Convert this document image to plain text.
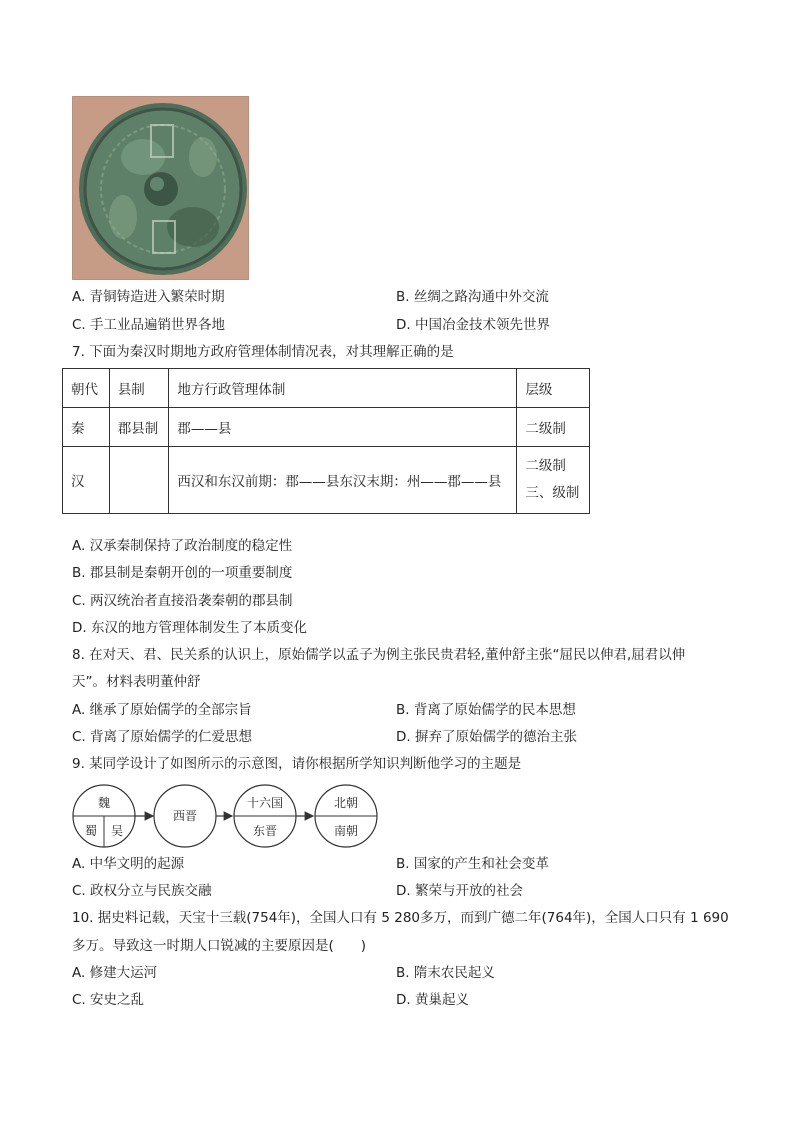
A. 青铜铸造进入繁荣时期	B. 丝绸之路沟通中外交流
C. 手工业品遍销世界各地	D. 中国冶金技术领先世界
7. 下面为秦汉时期地方政府管理体制情况表，对其理解正确的是
朝代	县制	地方行政管理体制	层级
秦	郡县制	郡——县	二级制
汉		西汉和东汉前期：郡——县东汉末期：州——郡——县	二级制
三、级制
A. 汉承秦制保持了政治制度的稳定性
B. 郡县制是秦朝开创的一项重要制度
C. 两汉统治者直接沿袭秦朝的郡县制
D. 东汉的地方管理体制发生了本质变化
8. 在对天、君、民关系的认识上，原始儒学以孟子为例主张民贵君轻,董仲舒主张“屈民以伸君,屈君以伸
天”。材料表明董仲舒
A. 继承了原始儒学的全部宗旨	B. 背离了原始儒学的民本思想
C. 背离了原始儒学的仁爱思想	D. 摒弃了原始儒学的德治主张
9. 某同学设计了如图所示的示意图，请你根据所学知识判断他学习的主题是
魏
蜀 吴
西晋
十六国
东晋
北朝
南朝
A. 中华文明的起源	B. 国家的产生和社会变革
C. 政权分立与民族交融	D. 繁荣与开放的社会
10. 据史料记载，天宝十三载(754年)，全国人口有 5 280多万，而到广德二年(764年)，全国人口只有 1 690
多万。导致这一时期人口锐减的主要原因是(　　)
A. 修建大运河	B. 隋末农民起义
C. 安史之乱	D. 黄巢起义
